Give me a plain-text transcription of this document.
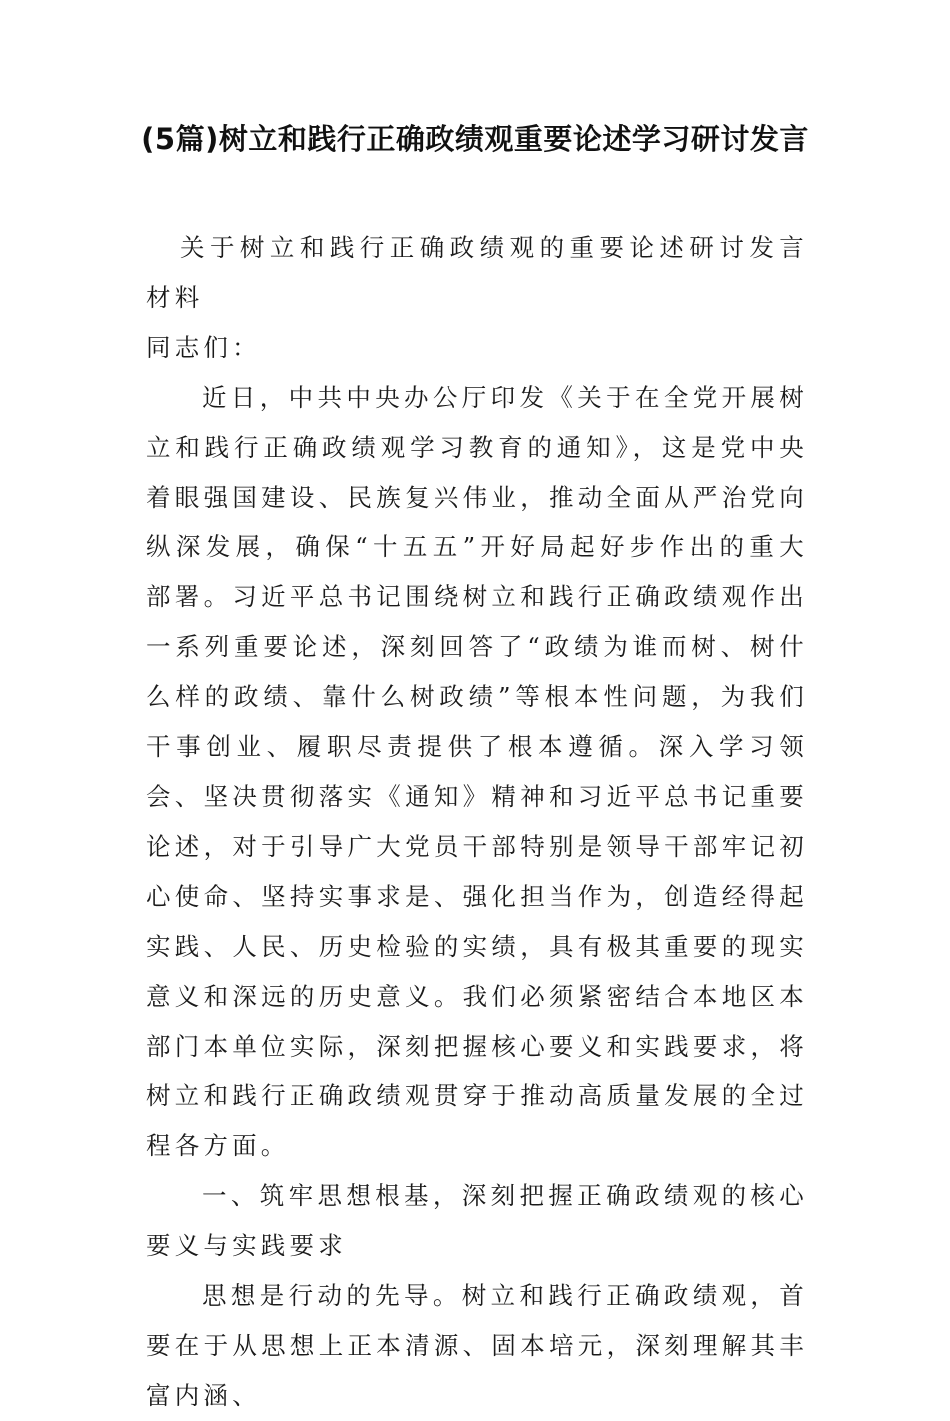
(5篇)树立和践行正确政绩观重要论述学习研讨发言

关于树立和践行正确政绩观的重要论述研讨发言材料

同志们：

近日，中共中央办公厅印发《关于在全党开展树立和践行正确政绩观学习教育的通知》，这是党中央着眼强国建设、民族复兴伟业，推动全面从严治党向纵深发展，确保“十五五”开好局起好步作出的重大部署。习近平总书记围绕树立和践行正确政绩观作出一系列重要论述，深刻回答了“政绩为谁而树、树什么样的政绩、靠什么树政绩”等根本性问题，为我们干事创业、履职尽责提供了根本遵循。深入学习领会、坚决贯彻落实《通知》精神和习近平总书记重要论述，对于引导广大党员干部特别是领导干部牢记初心使命、坚持实事求是、强化担当作为，创造经得起实践、人民、历史检验的实绩，具有极其重要的现实意义和深远的历史意义。我们必须紧密结合本地区本部门本单位实际，深刻把握核心要义和实践要求，将树立和践行正确政绩观贯穿于推动高质量发展的全过程各方面。

一、筑牢思想根基，深刻把握正确政绩观的核心要义与实践要求

思想是行动的先导。树立和践行正确政绩观，首要在于从思想上正本清源、固本培元，深刻理解其丰富内涵、
